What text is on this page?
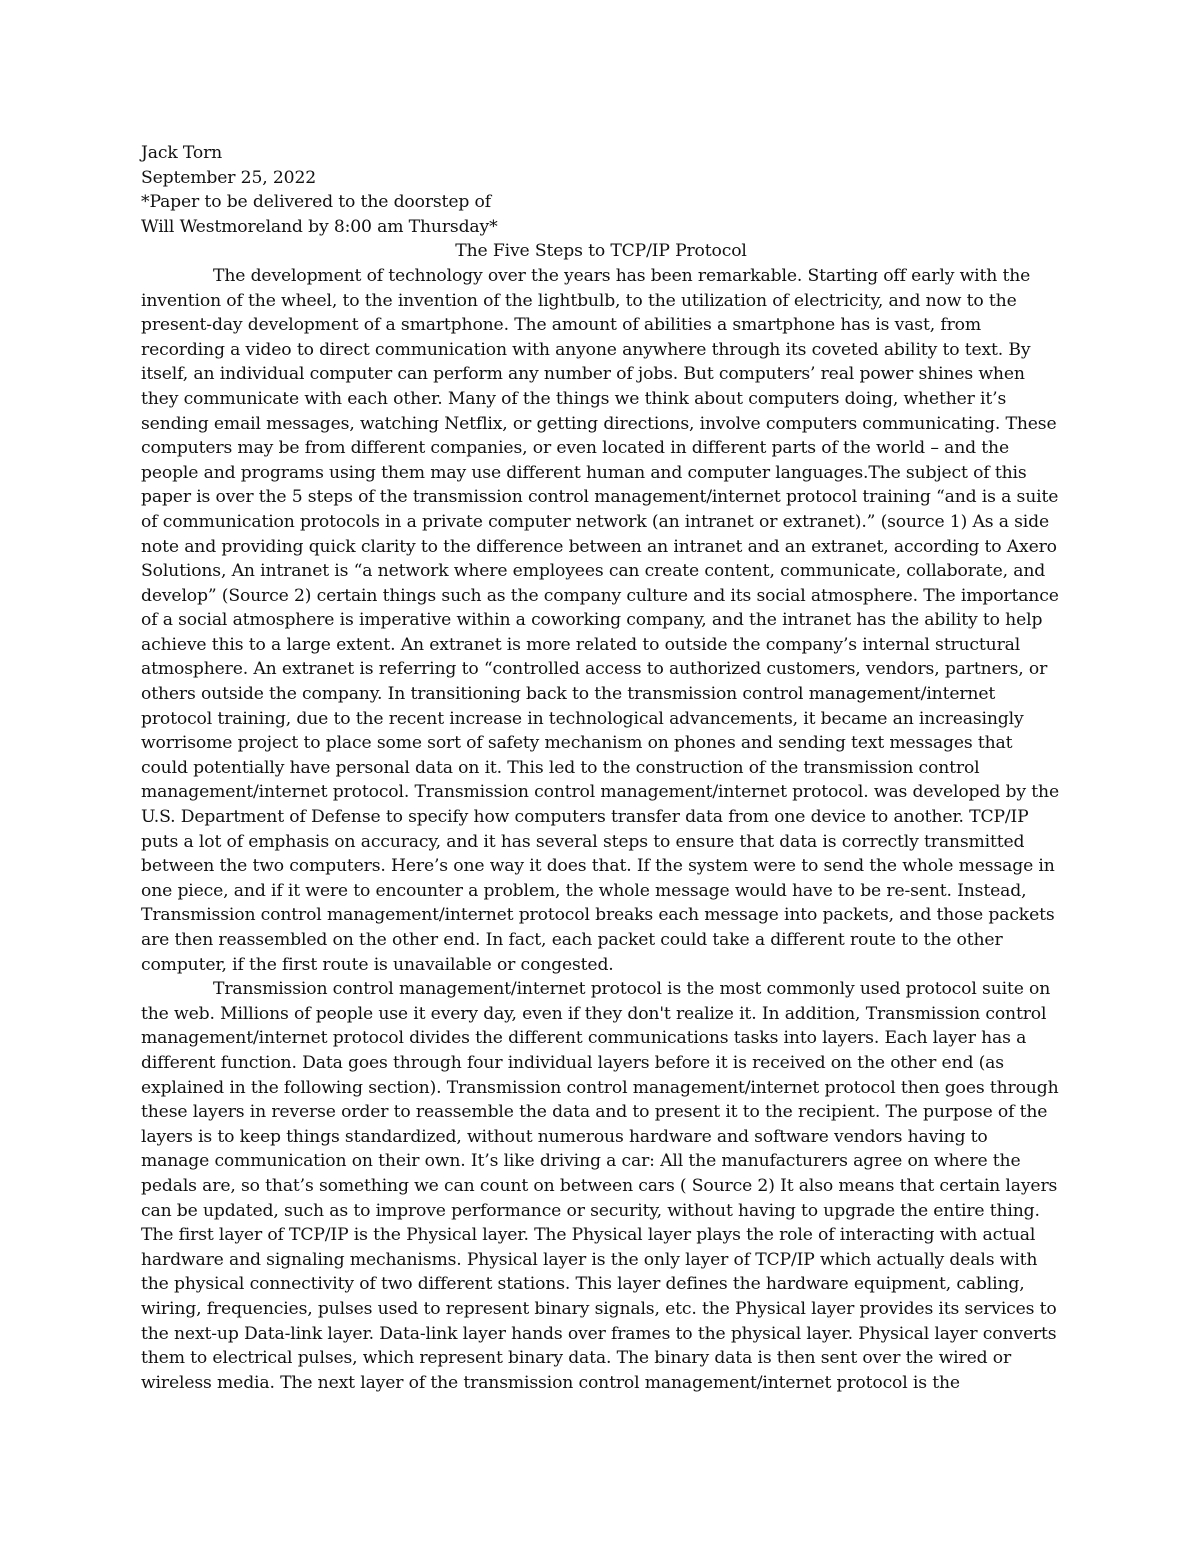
Jack Torn
September 25, 2022
*Paper to be delivered to the doorstep of
Will Westmoreland by 8:00 am Thursday*
The Five Steps to TCP/IP Protocol

The development of technology over the years has been remarkable. Starting off early with the invention of the wheel, to the invention of the lightbulb, to the utilization of electricity, and now to the present-day development of a smartphone. The amount of abilities a smartphone has is vast, from recording a video to direct communication with anyone anywhere through its coveted ability to text. By itself, an individual computer can perform any number of jobs. But computers’ real power shines when they communicate with each other. Many of the things we think about computers doing, whether it’s sending email messages, watching Netflix, or getting directions, involve computers communicating. These computers may be from different companies, or even located in different parts of the world – and the people and programs using them may use different human and computer languages.The subject of this paper is over the 5 steps of the transmission control management/internet protocol training “and is a suite of communication protocols in a private computer network (an intranet or extranet).” (source 1) As a side note and providing quick clarity to the difference between an intranet and an extranet, according to Axero Solutions, An intranet is “a network where employees can create content, communicate, collaborate, and develop” (Source 2) certain things such as the company culture and its social atmosphere. The importance of a social atmosphere is imperative within a coworking company, and the intranet has the ability to help achieve this to a large extent. An extranet is more related to outside the company’s internal structural atmosphere. An extranet is referring to “controlled access to authorized customers, vendors, partners, or others outside the company. In transitioning back to the transmission control management/internet protocol training, due to the recent increase in technological advancements, it became an increasingly worrisome project to place some sort of safety mechanism on phones and sending text messages that could potentially have personal data on it. This led to the construction of the transmission control management/internet protocol. Transmission control management/internet protocol. was developed by the U.S. Department of Defense to specify how computers transfer data from one device to another. TCP/IP puts a lot of emphasis on accuracy, and it has several steps to ensure that data is correctly transmitted between the two computers. Here’s one way it does that. If the system were to send the whole message in one piece, and if it were to encounter a problem, the whole message would have to be re-sent. Instead, Transmission control management/internet protocol breaks each message into packets, and those packets are then reassembled on the other end. In fact, each packet could take a different route to the other computer, if the first route is unavailable or congested.

Transmission control management/internet protocol is the most commonly used protocol suite on the web. Millions of people use it every day, even if they don't realize it. In addition, Transmission control management/internet protocol divides the different communications tasks into layers. Each layer has a different function. Data goes through four individual layers before it is received on the other end (as explained in the following section). Transmission control management/internet protocol then goes through these layers in reverse order to reassemble the data and to present it to the recipient. The purpose of the layers is to keep things standardized, without numerous hardware and software vendors having to manage communication on their own. It’s like driving a car: All the manufacturers agree on where the pedals are, so that’s something we can count on between cars ( Source 2) It also means that certain layers can be updated, such as to improve performance or security, without having to upgrade the entire thing. The first layer of TCP/IP is the Physical layer. The Physical layer plays the role of interacting with actual hardware and signaling mechanisms. Physical layer is the only layer of TCP/IP which actually deals with the physical connectivity of two different stations. This layer defines the hardware equipment, cabling, wiring, frequencies, pulses used to represent binary signals, etc. the Physical layer provides its services to the next-up Data-link layer. Data-link layer hands over frames to the physical layer. Physical layer converts them to electrical pulses, which represent binary data. The binary data is then sent over the wired or wireless media. The next layer of the transmission control management/internet protocol is the
